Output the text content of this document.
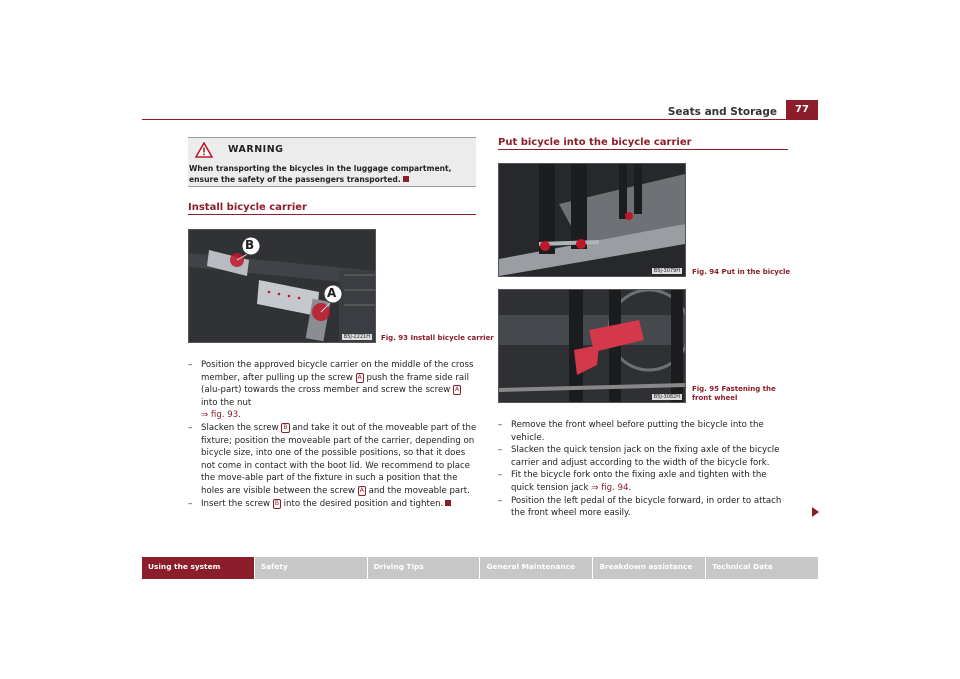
Seats and Storage	77
WARNING
When transporting the bicycles in the luggage compartment, ensure the safety of the passengers transported.
Install bicycle carrier
B
A
B5J-2221H Fig. 93 Install bicycle carrier

– Position the approved bicycle carrier on the middle of the cross member, after pulling up the screw A push the frame side rail (alu-part) towards the cross member and screw the screw A into the nut
⇒ fig. 93.

– Slacken the screw B and take it out of the moveable part of the fixture; position the moveable part of the carrier, depending on bicycle size, into one of the possible positions, so that it does not come in contact with the boot lid. We recommend to place the move-able part of the fixture in such a position that the holes are visible between the screw A and the moveable part.

– Insert the screw B into the desired position and tighten.

Put bicycle into the bicycle carrier
B5J-3079H Fig. 94 Put in the bicycle
B5J-3082H
Fig. 95 Fastening the front wheel

– Remove the front wheel before putting the bicycle into the vehicle.

– Slacken the quick tension jack on the fixing axle of the bicycle carrier and adjust according to the width of the bicycle fork.

– Fit the bicycle fork onto the fixing axle and tighten with the quick tension jack ⇒ fig. 94.

– Position the left pedal of the bicycle forward, in order to attach the front wheel more easily.

Using the system	Safety	Driving Tips	General Maintenance	Breakdown assistance	Technical Data
